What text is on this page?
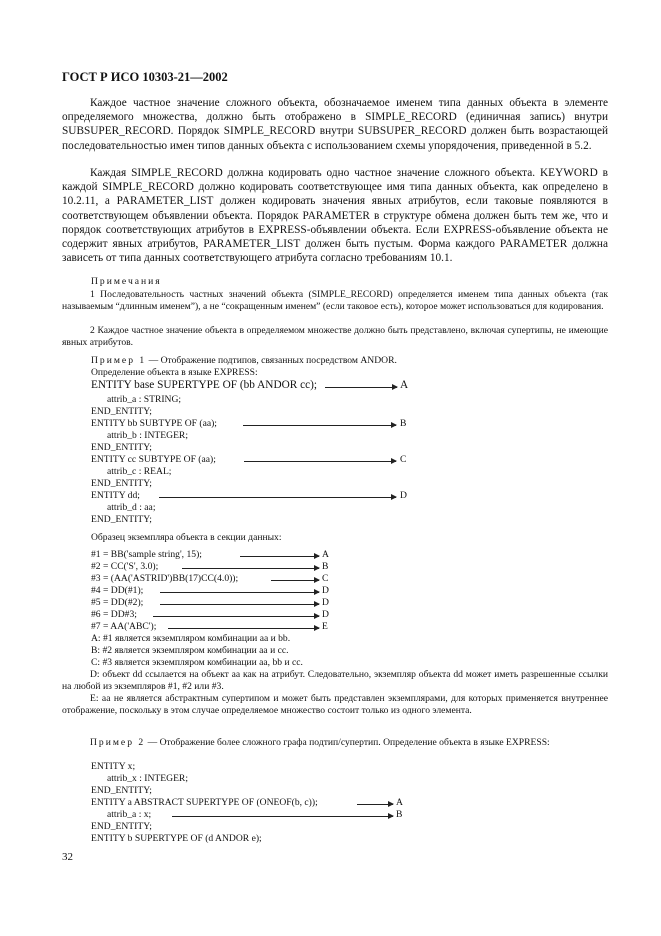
ГОСТ Р ИСО 10303-21—2002

Каждое частное значение сложного объекта, обозначаемое именем типа данных объекта в элементе определяемого множества, должно быть отображено в SIMPLE_RECORD (единичная запись) внутри SUBSUPER_RECORD. Порядок SIMPLE_RECORD внутри SUBSUPER_RECORD должен быть возрастающей последовательностью имен типов данных объекта с использованием схемы упорядочения, приведенной в 5.2.

Каждая SIMPLE_RECORD должна кодировать одно частное значение сложного объекта. KEYWORD в каждой SIMPLE_RECORD должно кодировать соответствующее имя типа данных объекта, как определено в 10.2.11, а PARAMETER_LIST должен кодировать значения явных атрибутов, если таковые появляются в соответствующем объявлении объекта. Порядок PARAMETER в структуре обмена должен быть тем же, что и порядок соответствующих атрибутов в EXPRESS-объявлении объекта. Если EXPRESS-объявление объекта не содержит явных атрибутов, PARAMETER_LIST должен быть пустым. Форма каждого PARAMETER должна зависеть от типа данных соответствующего атрибута согласно требованиям 10.1.

Примечания

1 Последовательность частных значений объекта (SIMPLE_RECORD) определяется именем типа данных объекта (так называемым “длинным именем”), а не “сокращенным именем” (если таковое есть), которое может использоваться для кодирования.

2 Каждое частное значение объекта в определяемом множестве должно быть представлено, включая супертипы, не имеющие явных атрибутов.

Пример 1 — Отображение подтипов, связанных посредством ANDOR.
Определение объекта в языке EXPRESS:
ENTITY base SUPERTYPE OF (bb ANDOR cc);	A
attrib_a : STRING;
END_ENTITY;
ENTITY bb SUBTYPE OF (aa);	B
attrib_b : INTEGER;
END_ENTITY;
ENTITY cc SUBTYPE OF (aa);	C
attrib_c : REAL;
END_ENTITY;
ENTITY dd;	D
attrib_d : aa;
END_ENTITY;
Образец экземпляра объекта в секции данных:
#1 = BB('sample string', 15);	A
#2 = CC('S', 3.0);	B
#3 = (AA('ASTRID')BB(17)CC(4.0));	C
#4 = DD(#1);	D
#5 = DD(#2);	D
#6 = DD#3;	D
#7 = AA('ABC');	E
A: #1 является экземпляром комбинации aa и bb.
B: #2 является экземпляром комбинации aa и cc.
C: #3 является экземпляром комбинации aa, bb и cc.

D: объект dd ссылается на объект aa как на атрибут. Следовательно, экземпляр объекта dd может иметь разрешенные ссылки на любой из экземпляров #1, #2 или #3.

E: aa не является абстрактным супертипом и может быть представлен экземплярами, для которых применяется внутреннее отображение, поскольку в этом случае определяемое множество состоит только из одного элемента.

Пример 2 — Отображение более сложного графа подтип/супертип. Определение объекта в языке EXPRESS:

ENTITY x;
attrib_x : INTEGER;
END_ENTITY;
ENTITY a ABSTRACT SUPERTYPE OF (ONEOF(b, c));	A
attrib_a : x;	B
END_ENTITY;
ENTITY b SUPERTYPE OF (d ANDOR e);
32
